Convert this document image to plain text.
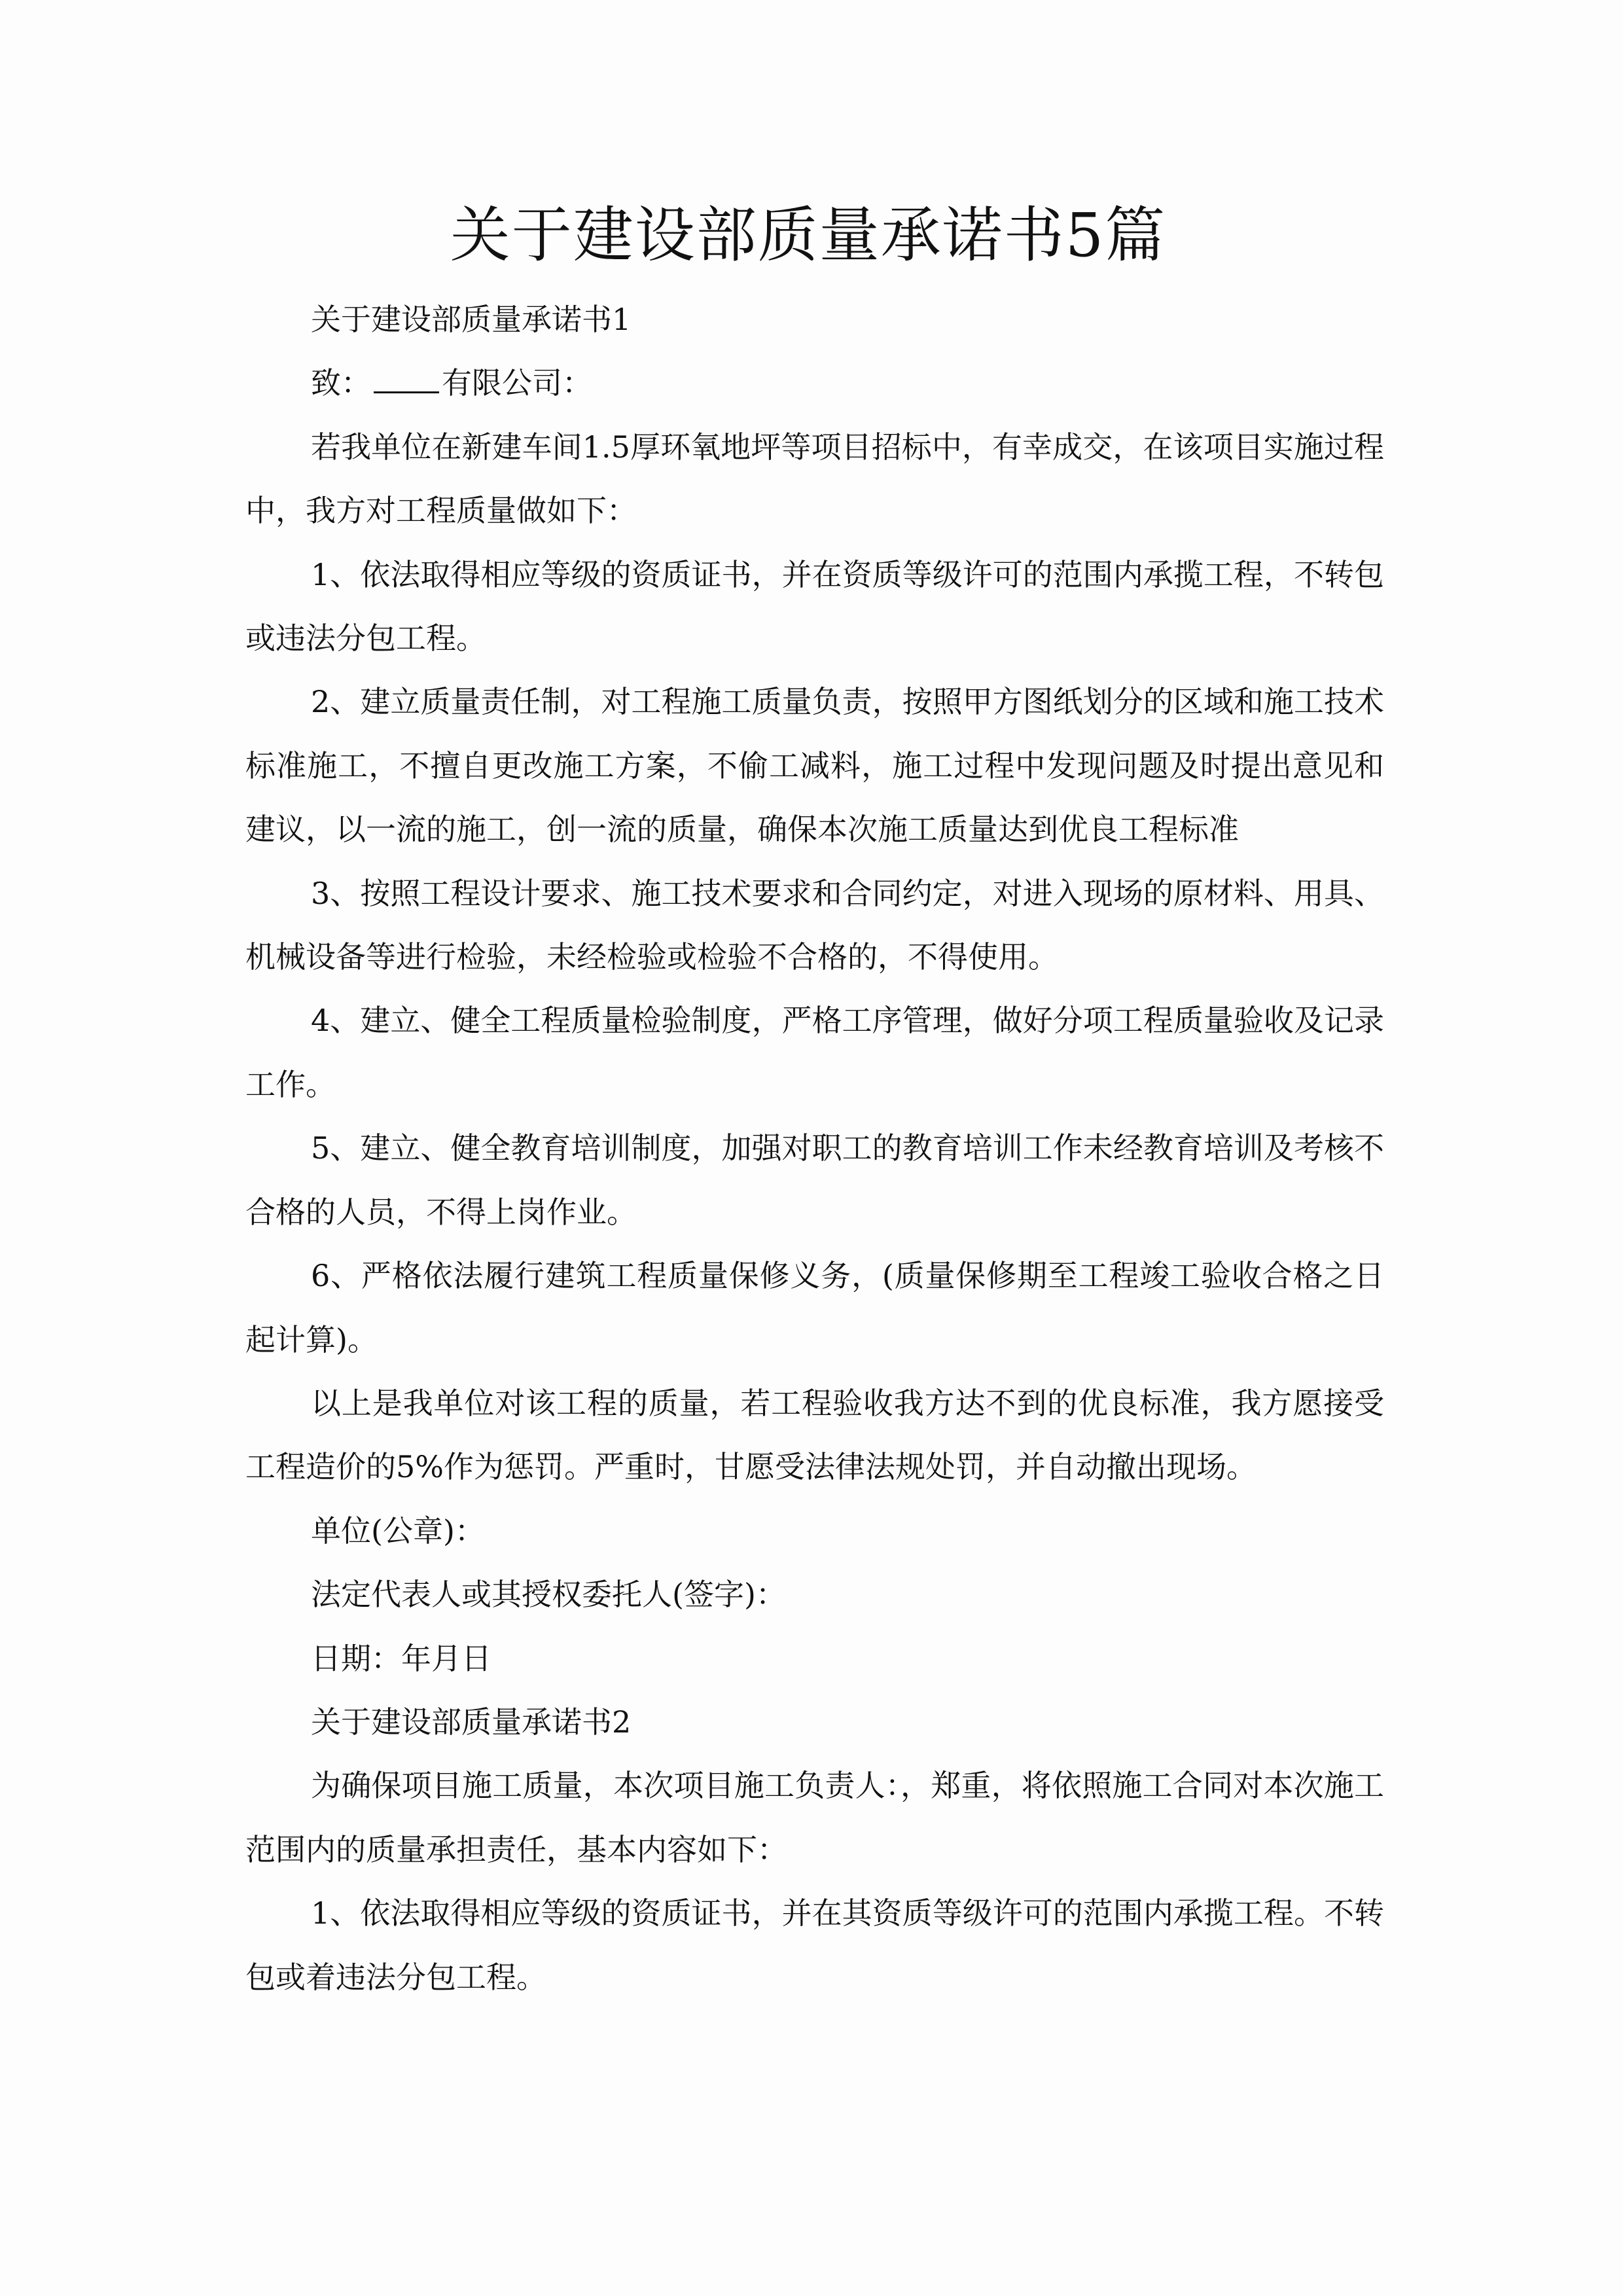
关于建设部质量承诺书5篇

关于建设部质量承诺书1

致： 有限公司：

若我单位在新建车间1.5厚环氧地坪等项目招标中，有幸成交，在该项目实施过程中，我方对工程质量做如下：

1、依法取得相应等级的资质证书，并在资质等级许可的范围内承揽工程，不转包或违法分包工程。

2、建立质量责任制，对工程施工质量负责，按照甲方图纸划分的区域和施工技术标准施工，不擅自更改施工方案，不偷工减料，施工过程中发现问题及时提出意见和建议，以一流的施工，创一流的质量，确保本次施工质量达到优良工程标准

3、按照工程设计要求、施工技术要求和合同约定，对进入现场的原材料、用具、机械设备等进行检验，未经检验或检验不合格的，不得使用。

4、建立、健全工程质量检验制度，严格工序管理，做好分项工程质量验收及记录工作。

5、建立、健全教育培训制度，加强对职工的教育培训工作未经教育培训及考核不合格的人员，不得上岗作业。

6、严格依法履行建筑工程质量保修义务，(质量保修期至工程竣工验收合格之日起计算)。

以上是我单位对该工程的质量，若工程验收我方达不到的优良标准，我方愿接受工程造价的5%作为惩罚。严重时，甘愿受法律法规处罚，并自动撤出现场。

单位(公章)：

法定代表人或其授权委托人(签字)：

日期：年月日

关于建设部质量承诺书2

为确保项目施工质量，本次项目施工负责人：，郑重，将依照施工合同对本次施工范围内的质量承担责任，基本内容如下：

1、依法取得相应等级的资质证书，并在其资质等级许可的范围内承揽工程。不转包或着违法分包工程。
